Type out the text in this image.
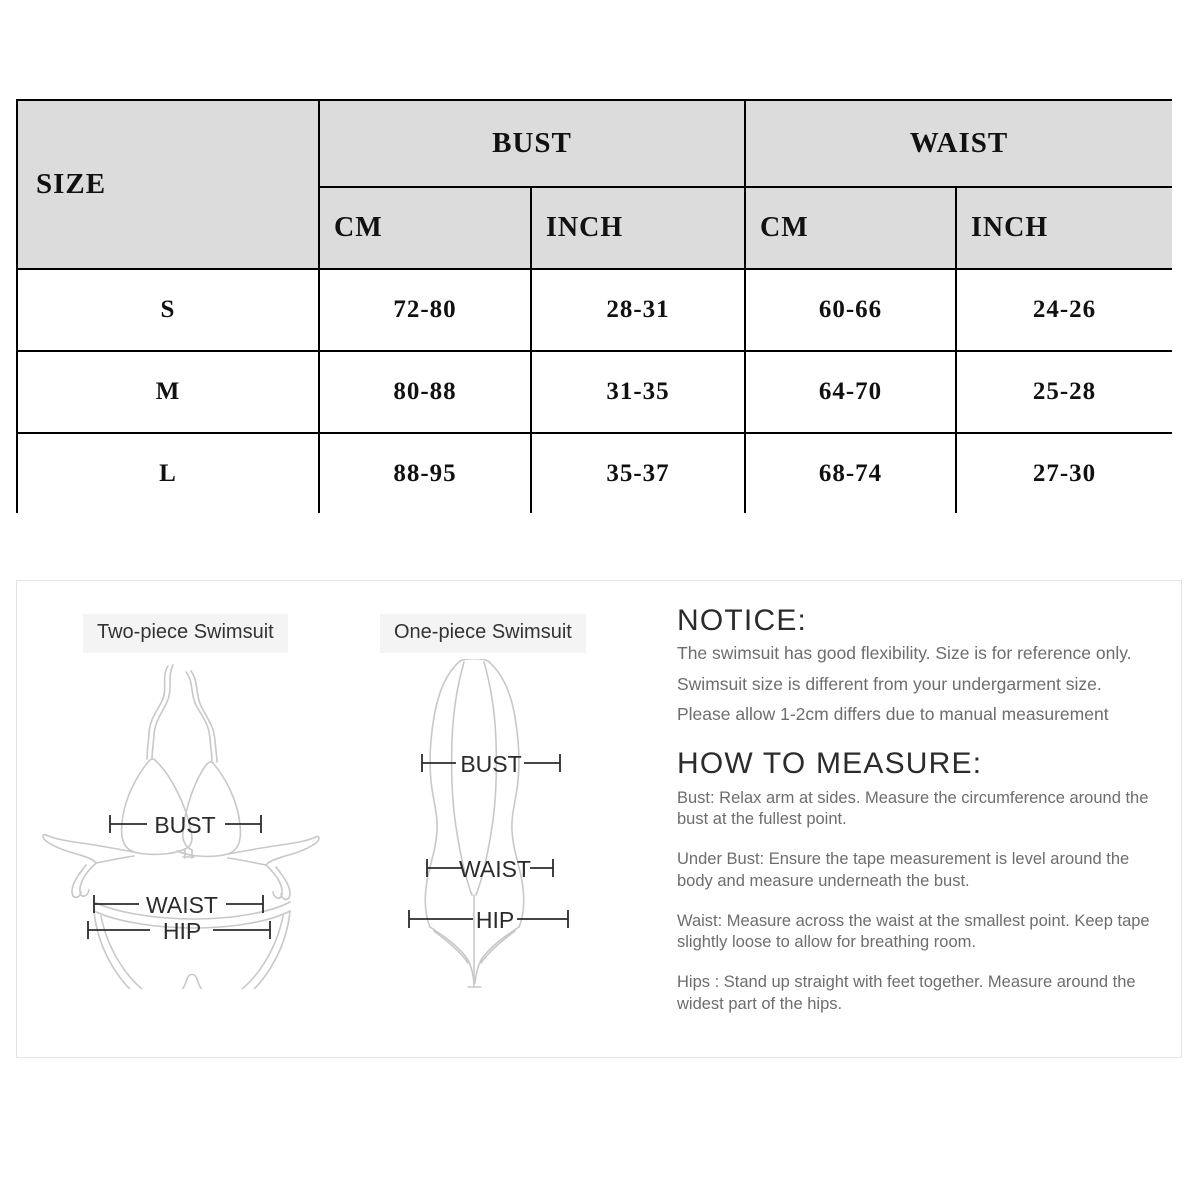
SIZE	BUST		WAIST	
	CM	INCH	CM	INCH
S	72-80	28-31	60-66	24-26
M	80-88	31-35	64-70	25-28
L	88-95	35-37	68-74	27-30

Two-piece Swimsuit
BUST
WAIST
HIP
One-piece Swimsuit
BUST
WAIST
HIP
NOTICE:
The swimsuit has good flexibility. Size is for reference only.
Swimsuit size is different from your undergarment size.
Please allow 1-2cm differs due to manual measurement
HOW TO MEASURE:
Bust: Relax arm at sides. Measure the circumference around the bust at the fullest point.
Under Bust: Ensure the tape measurement is level around the body and measure underneath the bust.
Waist: Measure across the waist at the smallest point. Keep tape slightly loose to allow for breathing room.
Hips : Stand up straight with feet together. Measure around the widest part of the hips.
